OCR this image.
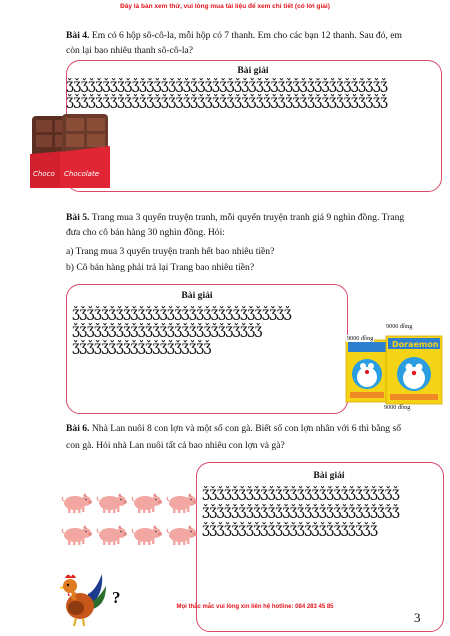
Đây là bản xem thử, vui lòng mua tài liệu để xem chi tiết (có lời giải)
Bài 4. Em có 6 hộp sô-cô-la, mỗi hộp có 7 thanh. Em cho các bạn 12 thanh. Sau đó, em còn lại bao nhiêu thanh sô-cô-la?
Bài giải
ǯǯǯǯǯǯǯǯǯǯǯǯǯǯǯǯǯǯǯǯǯǯǯǯǯǯǯǯǯǯǯǯǯǯǯǯǯǯǯǯǯǯǯǯ
ǯǯǯǯǯǯǯǯǯǯǯǯǯǯǯǯǯǯǯǯǯǯǯǯǯǯǯǯǯǯǯǯǯǯǯǯǯǯǯǯǯǯǯǯ
Choco Chocolate
Bài 5. Trang mua 3 quyển truyện tranh, mỗi quyển truyện tranh giá 9 nghìn đồng. Trang đưa cho cô bán hàng 30 nghìn đồng. Hỏi:
a) Trang mua 3 quyển truyện tranh hết bao nhiêu tiền?
b) Cô bán hàng phải trả lại Trang bao nhiêu tiền?
Bài giải
ǯǯǯǯǯǯǯǯǯǯǯǯǯǯǯǯǯǯǯǯǯǯǯǯǯǯǯǯǯǯ
ǯǯǯǯǯǯǯǯǯǯǯǯǯǯǯǯǯǯǯǯǯǯǯǯǯǯ
ǯǯǯǯǯǯǯǯǯǯǯǯǯǯǯǯǯǯǯ	Doraemon
9000 đồng
9000 đồng
9000 đồng
Bài 6. Nhà Lan nuôi 8 con lợn và một số con gà. Biết số con lợn nhân với 6 thì bằng số con gà. Hỏi nhà Lan nuôi tất cả bao nhiêu con lợn và gà?
Bài giải
ǯǯǯǯǯǯǯǯǯǯǯǯǯǯǯǯǯǯǯǯǯǯǯǯǯǯǯ
ǯǯǯǯǯǯǯǯǯǯǯǯǯǯǯǯǯǯǯǯǯǯǯǯǯǯǯ
ǯǯǯǯǯǯǯǯǯǯǯǯǯǯǯǯǯǯǯǯǯǯǯǯ
?	Mọi thắc mắc vui lòng xin liên hệ hotline: 084 283 45 85
3
